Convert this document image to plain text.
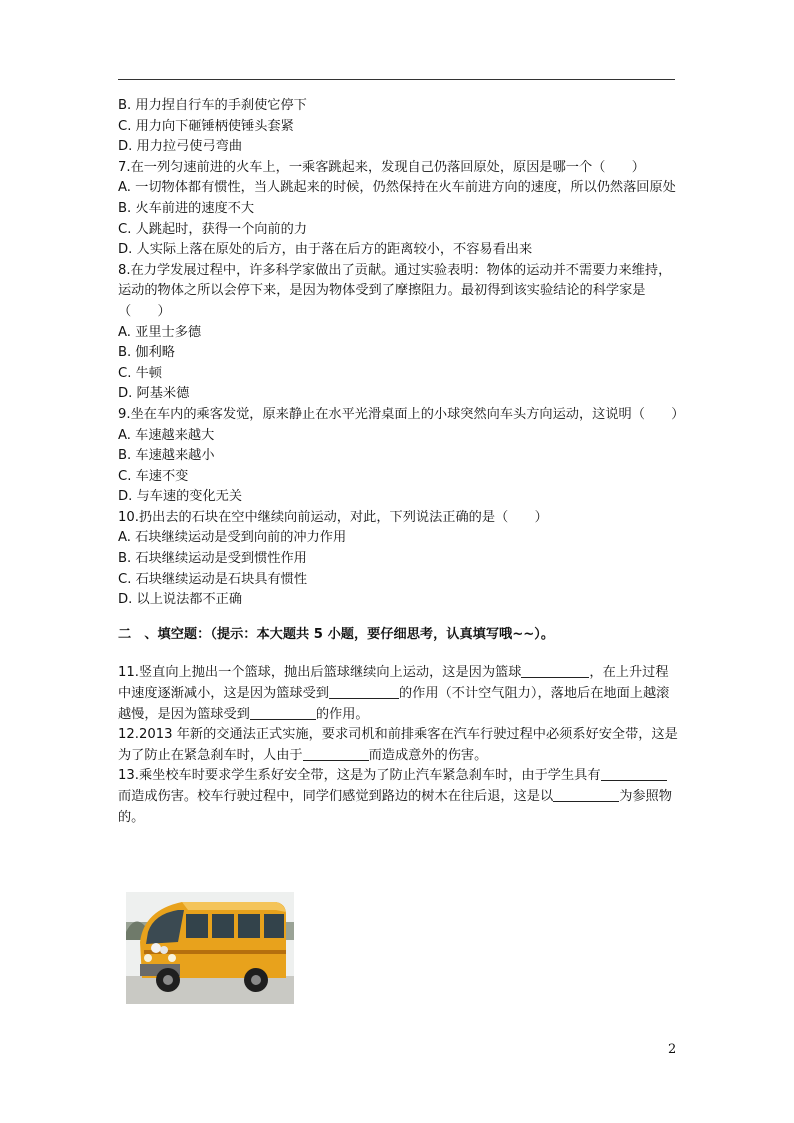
B. 用力捏自行车的手刹使它停下
C. 用力向下砸锤柄使锤头套紧
D. 用力拉弓使弓弯曲
7.在一列匀速前进的火车上，一乘客跳起来，发现自己仍落回原处，原因是哪一个（　　）
A. 一切物体都有惯性，当人跳起来的时候，仍然保持在火车前进方向的速度，所以仍然落回原处
B. 火车前进的速度不大
C. 人跳起时，获得一个向前的力
D. 人实际上落在原处的后方，由于落在后方的距离较小，不容易看出来
8.在力学发展过程中，许多科学家做出了贡献。通过实验表明：物体的运动并不需要力来维持，运动的物体之所以会停下来，是因为物体受到了摩擦阻力。最初得到该实验结论的科学家是（　　）
A. 亚里士多德
B. 伽利略
C. 牛顿
D. 阿基米德
9.坐在车内的乘客发觉，原来静止在水平光滑桌面上的小球突然向车头方向运动，这说明（　　）
A. 车速越来越大
B. 车速越来越小
C. 车速不变
D. 与车速的变化无关
10.扔出去的石块在空中继续向前运动，对此，下列说法正确的是（　　）
A. 石块继续运动是受到向前的冲力作用
B. 石块继续运动是受到惯性作用
C. 石块继续运动是石块具有惯性
D. 以上说法都不正确
二　、填空题：（提示：本大题共 5 小题，要仔细思考，认真填写哦~~）。
11.竖直向上抛出一个篮球，抛出后篮球继续向上运动，这是因为篮球	，在上升过程中速度逐渐减小，这是因为篮球受到	的作用（不计空气阻力），落地后在地面上越滚越慢，是因为篮球受到	的作用。
12.2013 年新的交通法正式实施，要求司机和前排乘客在汽车行驶过程中必须系好安全带，这是为了防止在紧急刹车时，人由于	而造成意外的伤害。
13.乘坐校车时要求学生系好安全带，这是为了防止汽车紧急刹车时，由于学生具有而造成伤害。校车行驶过程中，同学们感觉到路边的树木在往后退，这是以	为参照物的。
2
